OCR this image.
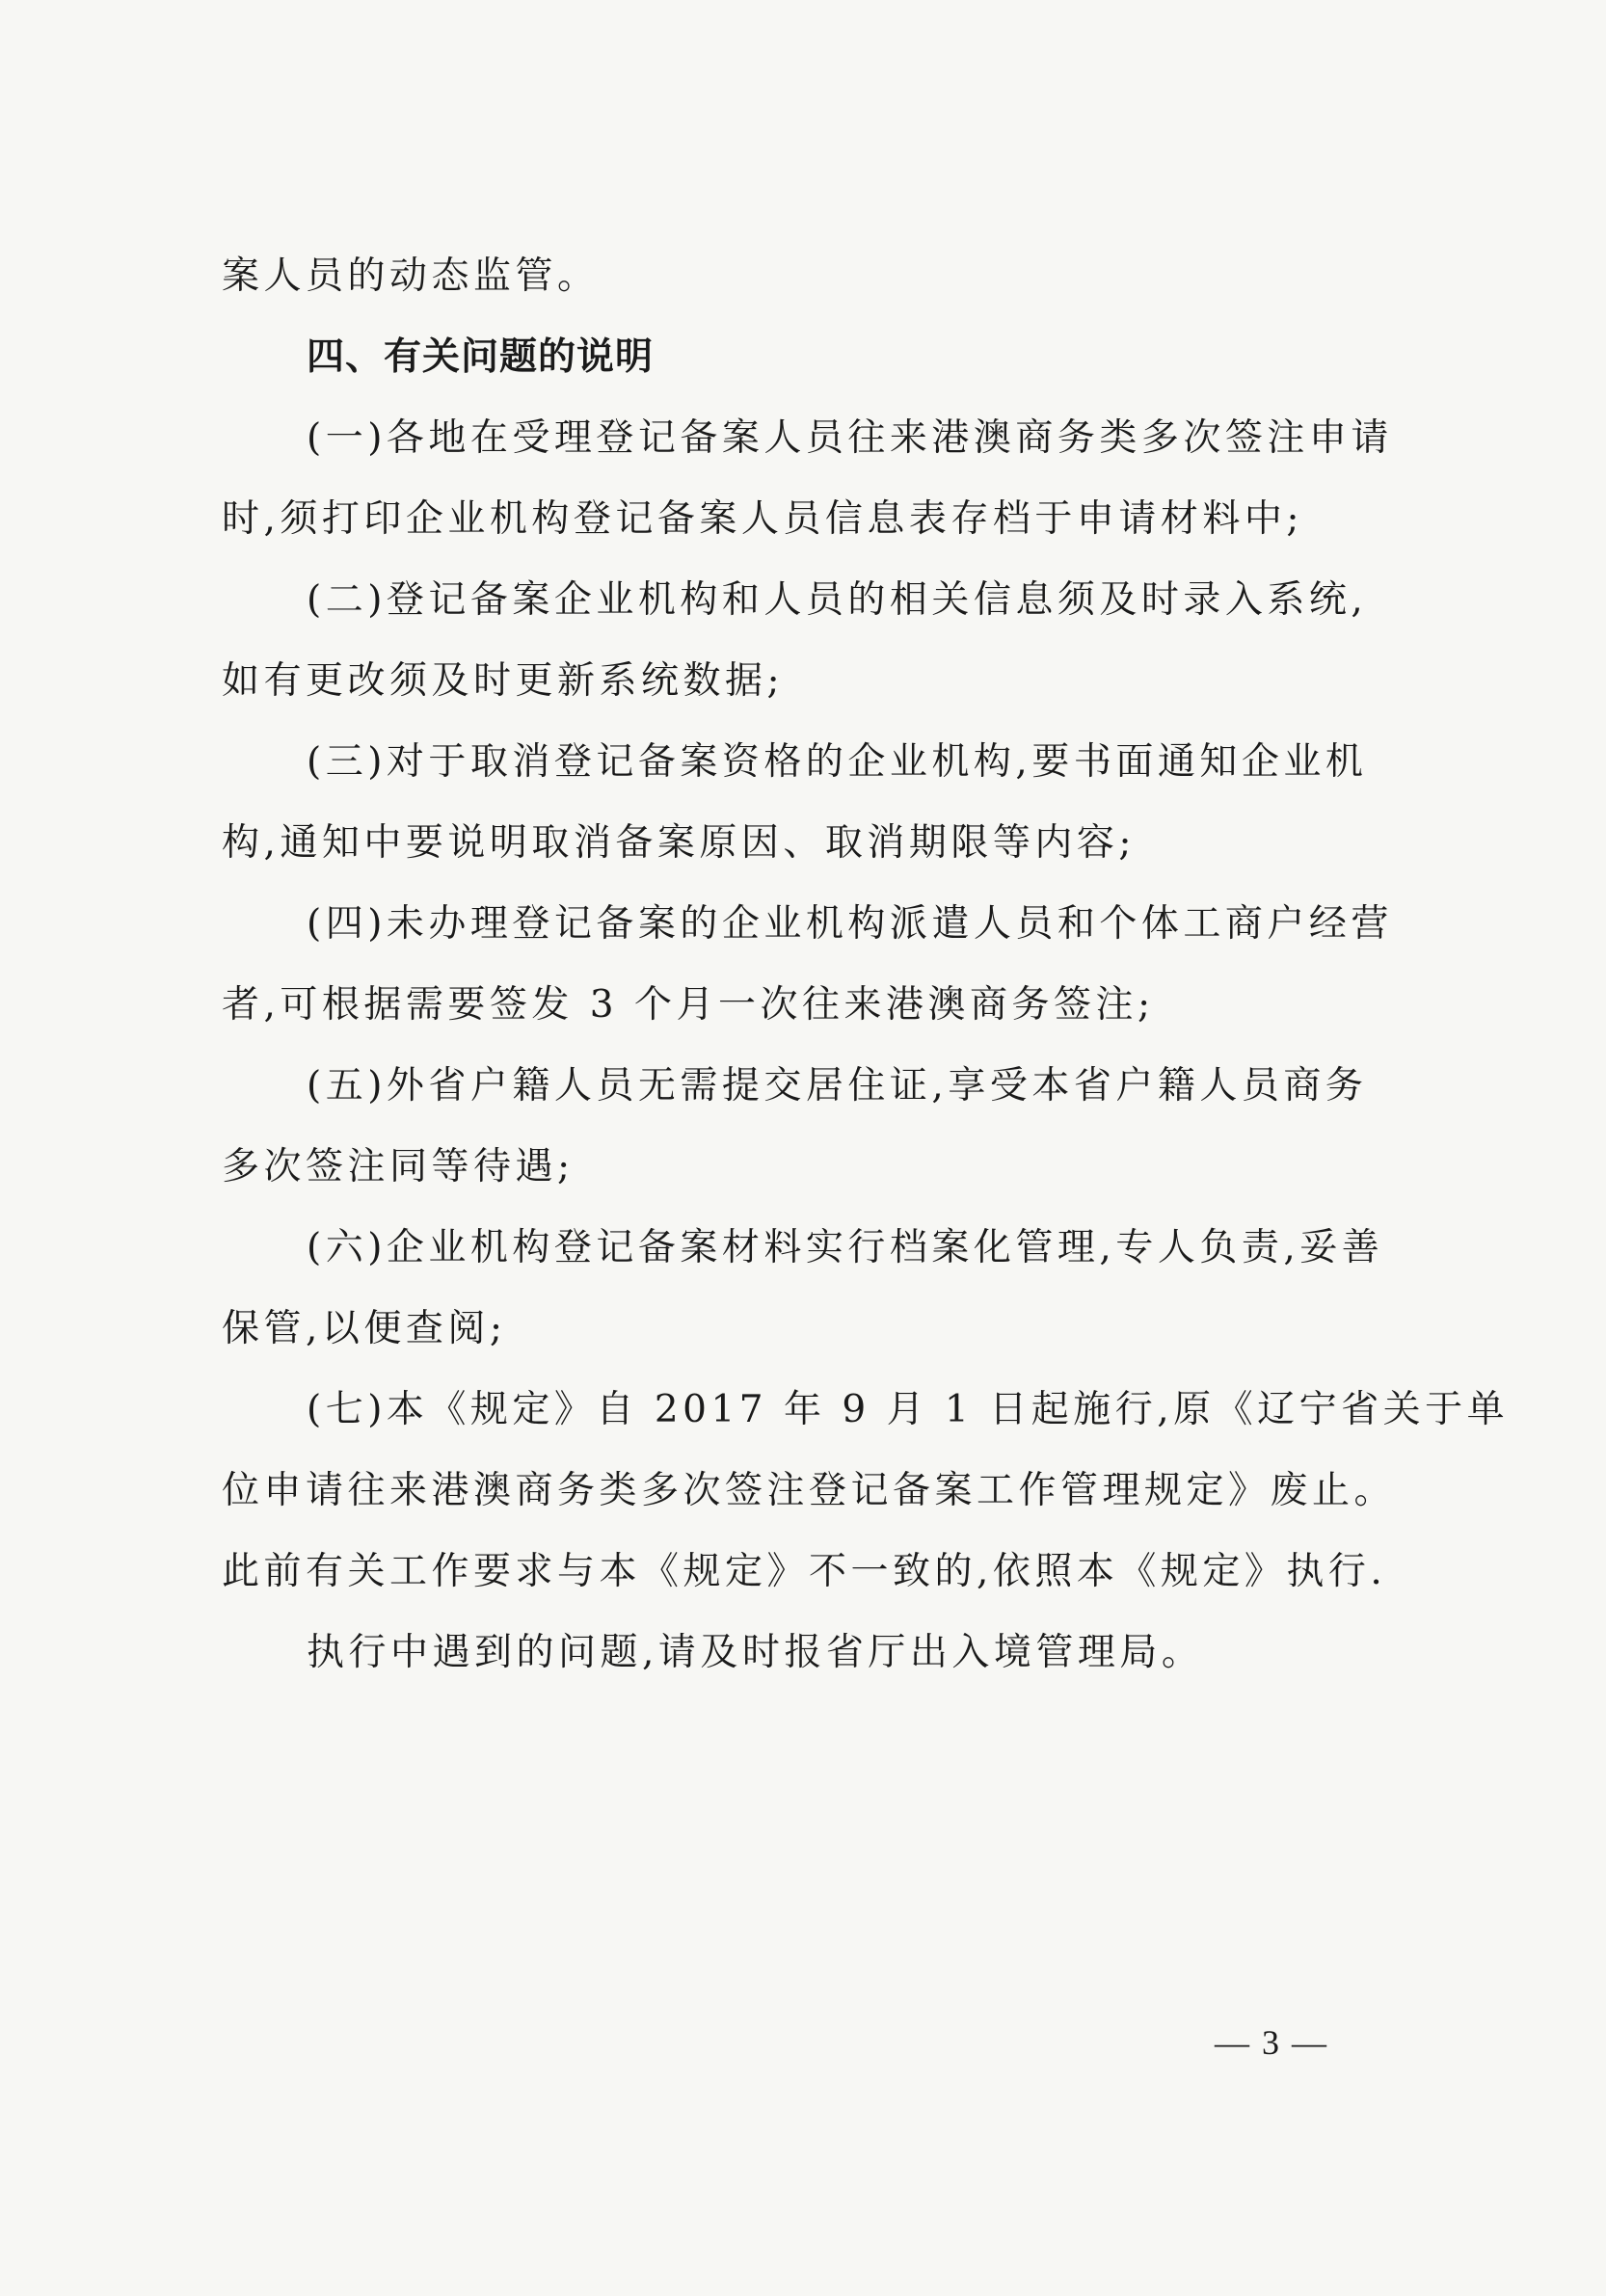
案人员的动态监管。

四、有关问题的说明

(一)各地在受理登记备案人员往来港澳商务类多次签注申请

时,须打印企业机构登记备案人员信息表存档于申请材料中;

(二)登记备案企业机构和人员的相关信息须及时录入系统,

如有更改须及时更新系统数据;

(三)对于取消登记备案资格的企业机构,要书面通知企业机

构,通知中要说明取消备案原因、取消期限等内容;

(四)未办理登记备案的企业机构派遣人员和个体工商户经营

者,可根据需要签发 3 个月一次往来港澳商务签注;

(五)外省户籍人员无需提交居住证,享受本省户籍人员商务

多次签注同等待遇;

(六)企业机构登记备案材料实行档案化管理,专人负责,妥善

保管,以便查阅;

(七)本《规定》自 2017 年 9 月 1 日起施行,原《辽宁省关于单

位申请往来港澳商务类多次签注登记备案工作管理规定》废止。

此前有关工作要求与本《规定》不一致的,依照本《规定》执行.

执行中遇到的问题,请及时报省厅出入境管理局。

— 3 —
